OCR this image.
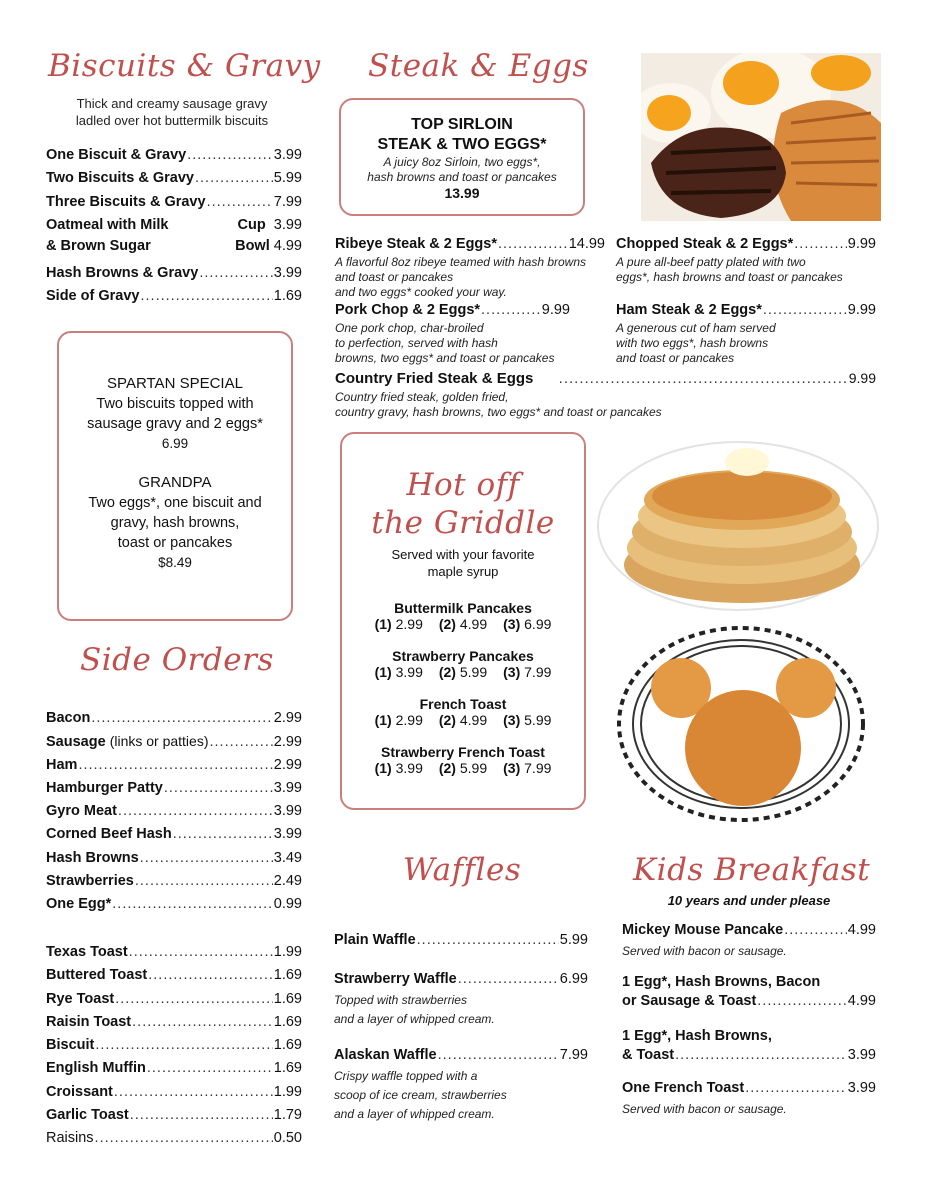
Biscuits & Gravy
Thick and creamy sausage gravy
ladled over hot buttermilk biscuits
One Biscuit & Gravy .....	3.99
Two Biscuits & Gravy .....	5.99
Three Biscuits & Gravy .....	7.99
Oatmeal with Milk
& Brown Sugar
Cup 3.99
Bowl 4.99
Hash Browns & Gravy .....	3.99
Side of Gravy .....	1.69
SPARTAN SPECIAL
Two biscuits topped with
sausage gravy and 2 eggs*
6.99
GRANDPA
Two eggs*, one biscuit and
gravy, hash browns,
toast or pancakes
$8.49
Side Orders
Bacon .....	2.99
Sausage
(links or patties) .....	2.99
Ham .....	2.99
Hamburger Patty .....	3.99
Gyro Meat .....	3.99
Corned Beef Hash .....	3.99
Hash Browns .....	3.49
Strawberries .....	2.49
One Egg* .....	0.99
Texas Toast .....	1.99
Buttered Toast .....	1.69
Rye Toast .....	1.69
Raisin Toast .....	1.69
Biscuit .....	1.69
English Muffin .....	1.69
Croissant .....	1.99
Garlic Toast .....	1.79
Raisins .....	0.50
Steak & Eggs
TOP SIRLOIN
STEAK & TWO EGGS*
A juicy 8oz Sirloin, two eggs*,
hash browns and toast or pancakes
13.99
Ribeye Steak & 2 Eggs* .....	14.99
A flavorful 8oz ribeye teamed with hash browns
and toast or pancakes
and two eggs* cooked your way.
Chopped Steak & 2 Eggs* .....	9.99
A pure all-beef patty plated with two
eggs*, hash browns and toast or pancakes
Pork Chop & 2 Eggs* .....	9.99
One pork chop, char-broiled
to perfection, served with hash
browns, two eggs* and toast or pancakes
Ham Steak & 2 Eggs* .....	9.99
A generous cut of ham served
with two eggs*, hash browns
and toast or pancakes
Country Fried Steak & Eggs .....	9.99
Country fried steak, golden fried,
country gravy, hash browns, two eggs* and toast or pancakes
Hot off
the Griddle
Served with your favorite
maple syrup
Buttermilk Pancakes
(1) 2.99 (2) 4.99 (3) 6.99
Strawberry Pancakes
(1) 3.99 (2) 5.99 (3) 7.99
French Toast
(1) 2.99 (2) 4.99 (3) 5.99
Strawberry French Toast
(1) 3.99 (2) 5.99 (3) 7.99
Waffles
Plain Waffle .....	5.99
Strawberry Waffle .....	6.99
Topped with strawberries
and a layer of whipped cream.
Alaskan Waffle .....	7.99
Crispy waffle topped with a
scoop of ice cream, strawberries
and a layer of whipped cream.
Kids Breakfast
10 years and under please
Mickey Mouse Pancake .....	4.99
Served with bacon or sausage.
1 Egg*, Hash Browns, Bacon
or Sausage & Toast .....	4.99
1 Egg*, Hash Browns,
& Toast .....	3.99
One French Toast .....	3.99
Served with bacon or sausage.
